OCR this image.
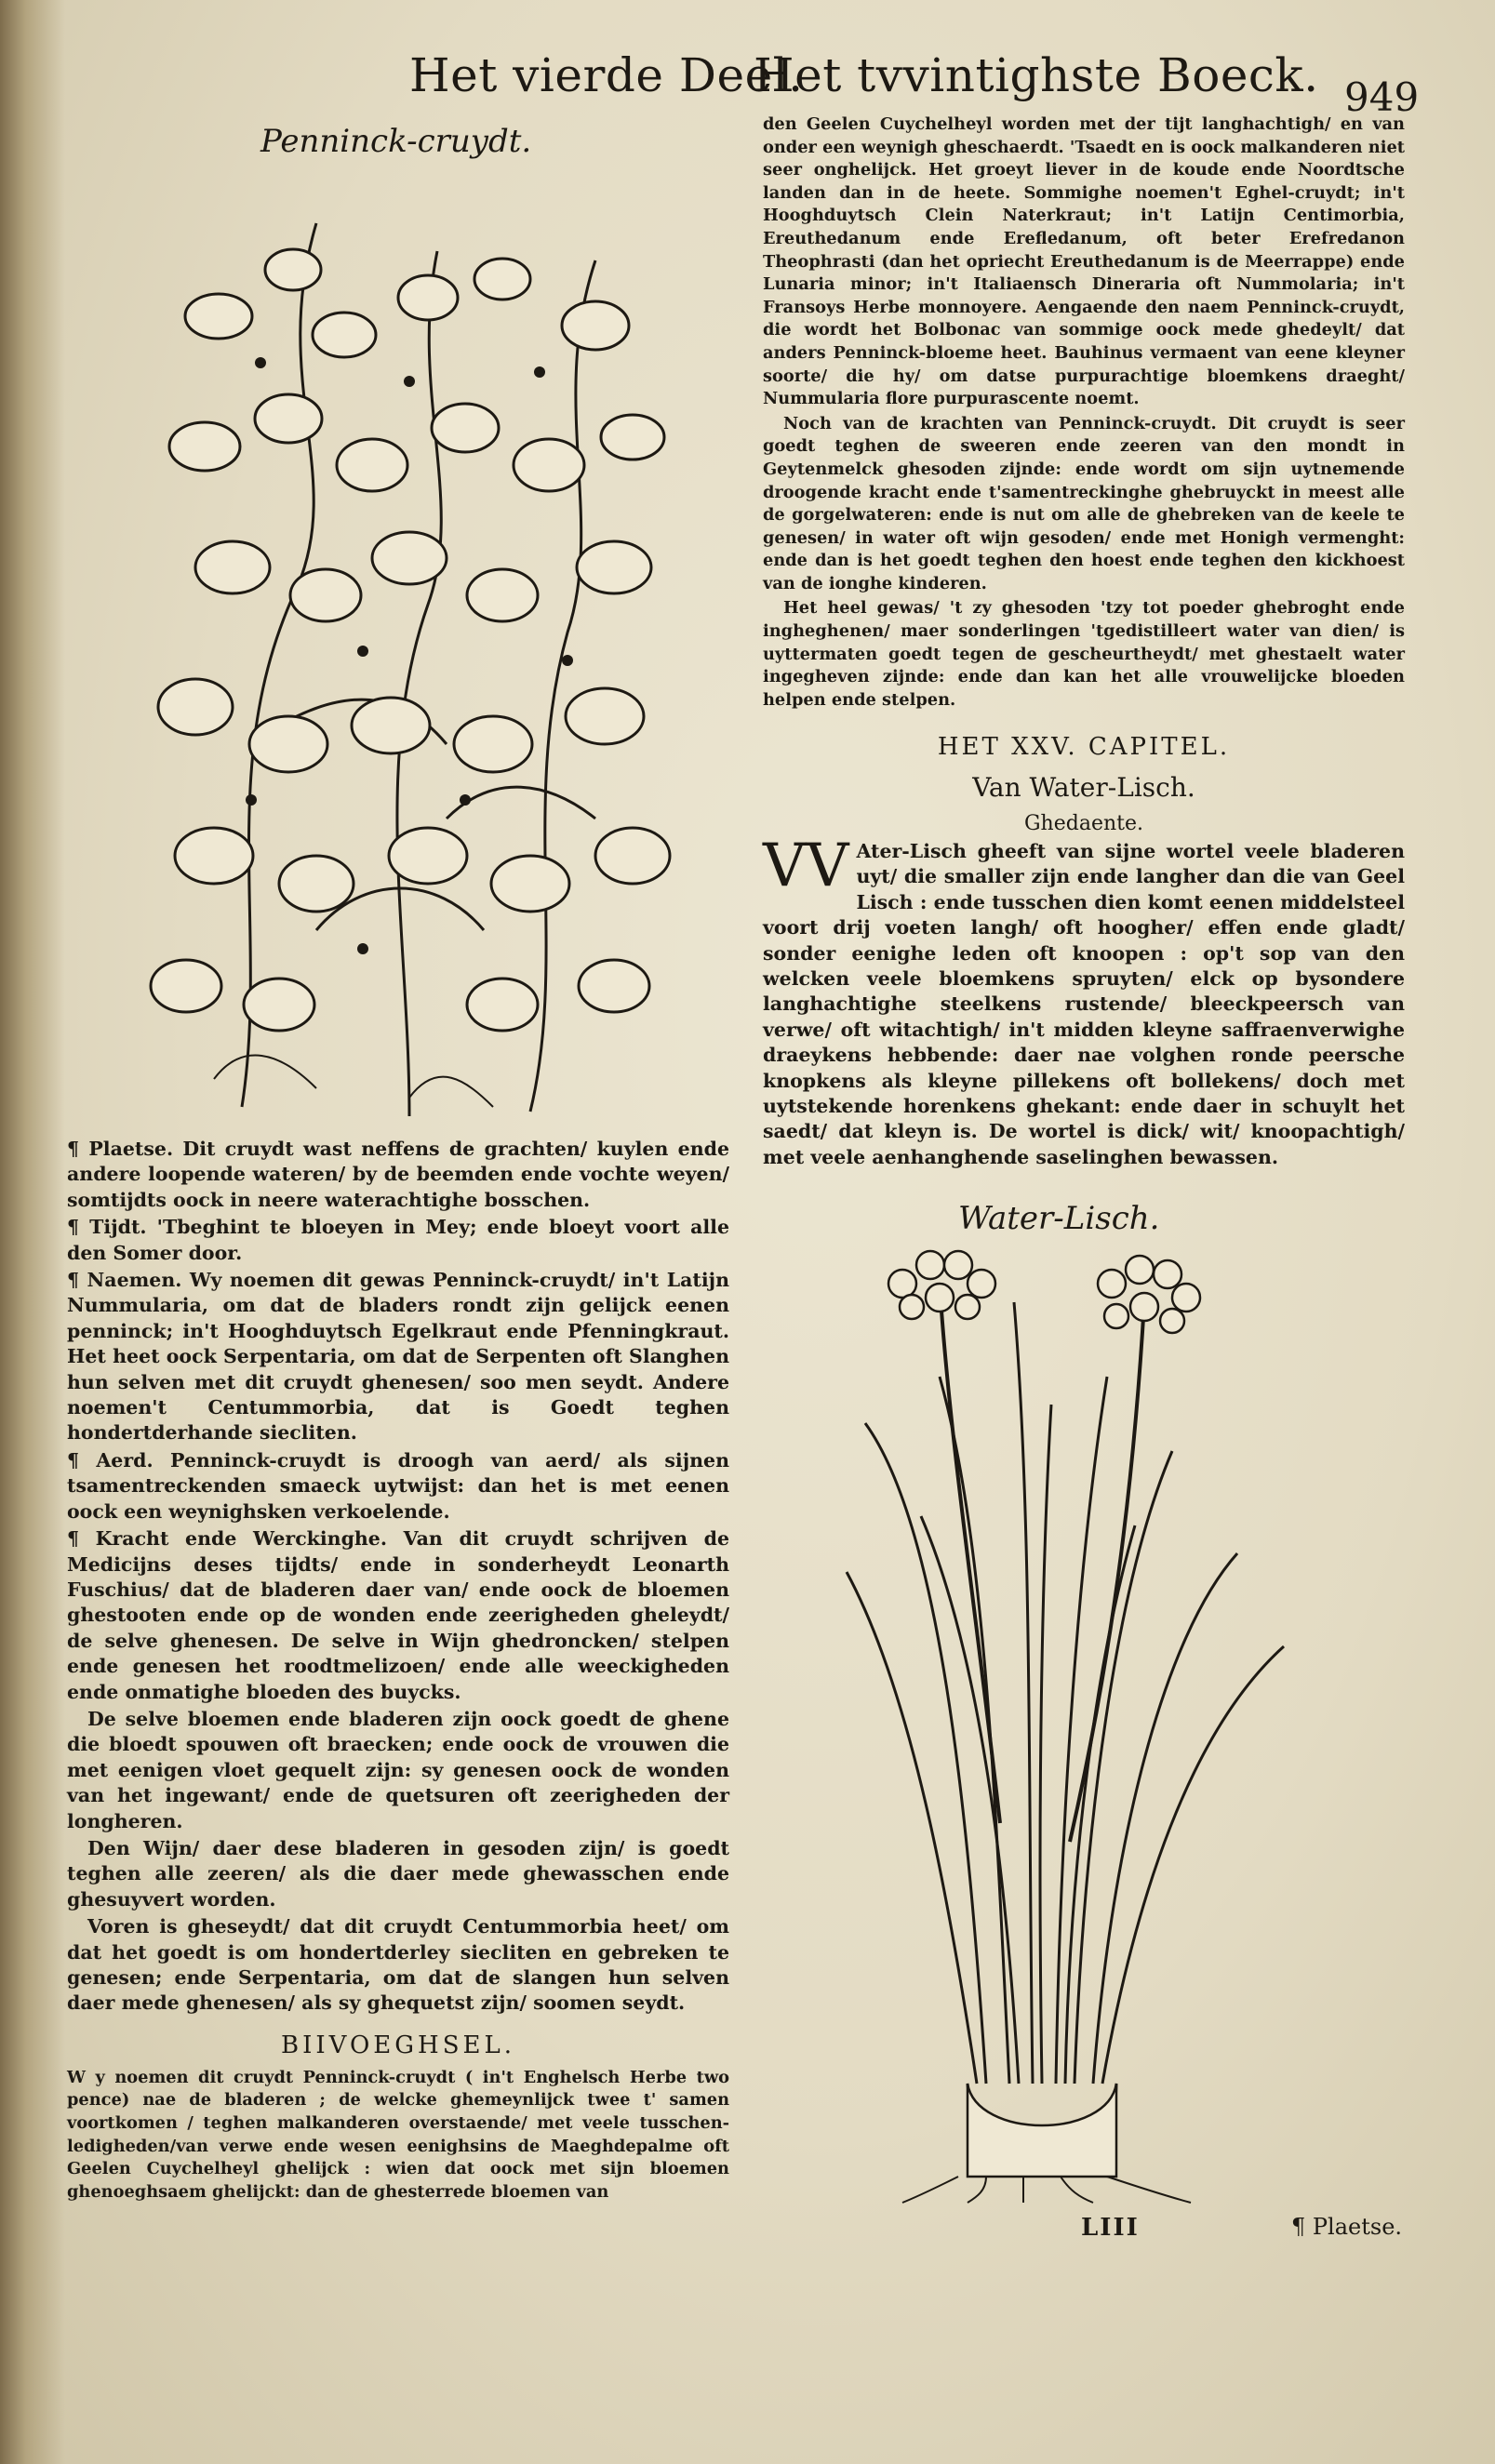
Het vierde Deel.
Het tvvintighste Boeck. 949
Penninck-cruydt.

¶ Plaetse. Dit cruydt wast neffens de grachten/ kuylen ende andere loopende wateren/ by de beemden ende vochte weyen/ somtijdts oock in neere waterachtighe bosschen.

¶ Tijdt. 'Tbeghint te bloeyen in Mey; ende bloeyt voort alle den Somer door.

¶ Naemen. Wy noemen dit gewas Penninck-cruydt/ in't Latijn Nummularia, om dat de bladers rondt zijn gelijck eenen penninck; in't Hooghduytsch Egelkraut ende Pfenningkraut. Het heet oock Serpentaria, om dat de Serpenten oft Slanghen hun selven met dit cruydt ghenesen/ soo men seydt. Andere noemen't Centummorbia, dat is Goedt teghen hondertderhande siecliten.

¶ Aerd. Penninck-cruydt is droogh van aerd/ als sijnen tsamentreckenden smaeck uytwijst: dan het is met eenen oock een weynighsken verkoelende.

¶ Kracht ende Werckinghe. Van dit cruydt schrijven de Medicijns deses tijdts/ ende in sonderheydt Leonarth Fuschius/ dat de bladeren daer van/ ende oock de bloemen ghestooten ende op de wonden ende zeerigheden gheleydt/ de selve ghenesen. De selve in Wijn ghedroncken/ stelpen ende genesen het roodtmelizoen/ ende alle weeckigheden ende onmatighe bloeden des buycks.

De selve bloemen ende bladeren zijn oock goedt de ghene die bloedt spouwen oft braecken; ende oock de vrouwen die met eenigen vloet gequelt zijn: sy genesen oock de wonden van het ingewant/ ende de quetsuren oft zeerigheden der longheren.

Den Wijn/ daer dese bladeren in gesoden zijn/ is goedt teghen alle zeeren/ als die daer mede ghewasschen ende ghesuyvert worden.

Voren is gheseydt/ dat dit cruydt Centummorbia heet/ om dat het goedt is om hondertderley siecliten en gebreken te genesen; ende Serpentaria, om dat de slangen hun selven daer mede ghenesen/ als sy ghequetst zijn/ soomen seydt.

BIIVOEGHSEL.

W y noemen dit cruydt Penninck-cruydt ( in't Enghelsch Herbe two pence) nae de bladeren ; de welcke ghemeynlijck twee t' samen voortkomen / teghen malkanderen overstaende/ met veele tusschen-ledigheden/van verwe ende wesen eenighsins de Maeghdepalme oft Geelen Cuychelheyl ghelijck : wien dat oock met sijn bloemen ghenoeghsaem ghelijckt: dan de ghesterrede bloemen van

den Geelen Cuychelheyl worden met der tijt langhachtigh/ en van onder een weynigh gheschaerdt. 'Tsaedt en is oock malkanderen niet seer onghelijck. Het groeyt liever in de koude ende Noordtsche landen dan in de heete. Sommighe noemen't Eghel-cruydt; in't Hooghduytsch Clein Naterkraut; in't Latijn Centimorbia, Ereuthedanum ende Erefledanum, oft beter Erefredanon Theophrasti (dan het opriecht Ereuthedanum is de Meerrappe) ende Lunaria minor; in't Italiaensch Dineraria oft Nummolaria; in't Fransoys Herbe monnoyere. Aengaende den naem Penninck-cruydt, die wordt het Bolbonac van sommige oock mede ghedeylt/ dat anders Penninck-bloeme heet. Bauhinus vermaent van eene kleyner soorte/ die hy/ om datse purpurachtige bloemkens draeght/ Nummularia flore purpurascente noemt.

Noch van de krachten van Penninck-cruydt. Dit cruydt is seer goedt teghen de sweeren ende zeeren van den mondt in Geytenmelck ghesoden zijnde: ende wordt om sijn uytnemende droogende kracht ende t'samentreckinghe ghebruyckt in meest alle de gorgelwateren: ende is nut om alle de ghebreken van de keele te genesen/ in water oft wijn gesoden/ ende met Honigh vermenght: ende dan is het goedt teghen den hoest ende teghen den kickhoest van de ionghe kinderen.

Het heel gewas/ 't zy ghesoden 'tzy tot poeder ghebroght ende ingheghenen/ maer sonderlingen 'tgedistilleert water van dien/ is uyttermaten goedt tegen de gescheurtheydt/ met ghestaelt water ingegheven zijnde: ende dan kan het alle vrouwelijcke bloeden helpen ende stelpen.

HET XXV. CAPITEL.
Van Water-Lisch.
Ghedaente.

VV Ater-Lisch gheeft van sijne wortel veele bladeren uyt/ die smaller zijn ende langher dan die van Geel Lisch : ende tusschen dien komt eenen middelsteel voort drij voeten langh/ oft hoogher/ effen ende gladt/ sonder eenighe leden oft knoopen : op't sop van den welcken veele bloemkens spruyten/ elck op bysondere langhachtighe steelkens rustende/ bleeckpeersch van verwe/ oft witachtigh/ in't midden kleyne saffraenverwighe draeykens hebbende: daer nae volghen ronde peersche knopkens als kleyne pillekens oft bollekens/ doch met uytstekende horenkens ghekant: ende daer in schuylt het saedt/ dat kleyn is. De wortel is dick/ wit/ knoopachtigh/ met veele aenhanghende saselinghen bewassen.

Water-Lisch.
LIII	¶ Plaetse.
